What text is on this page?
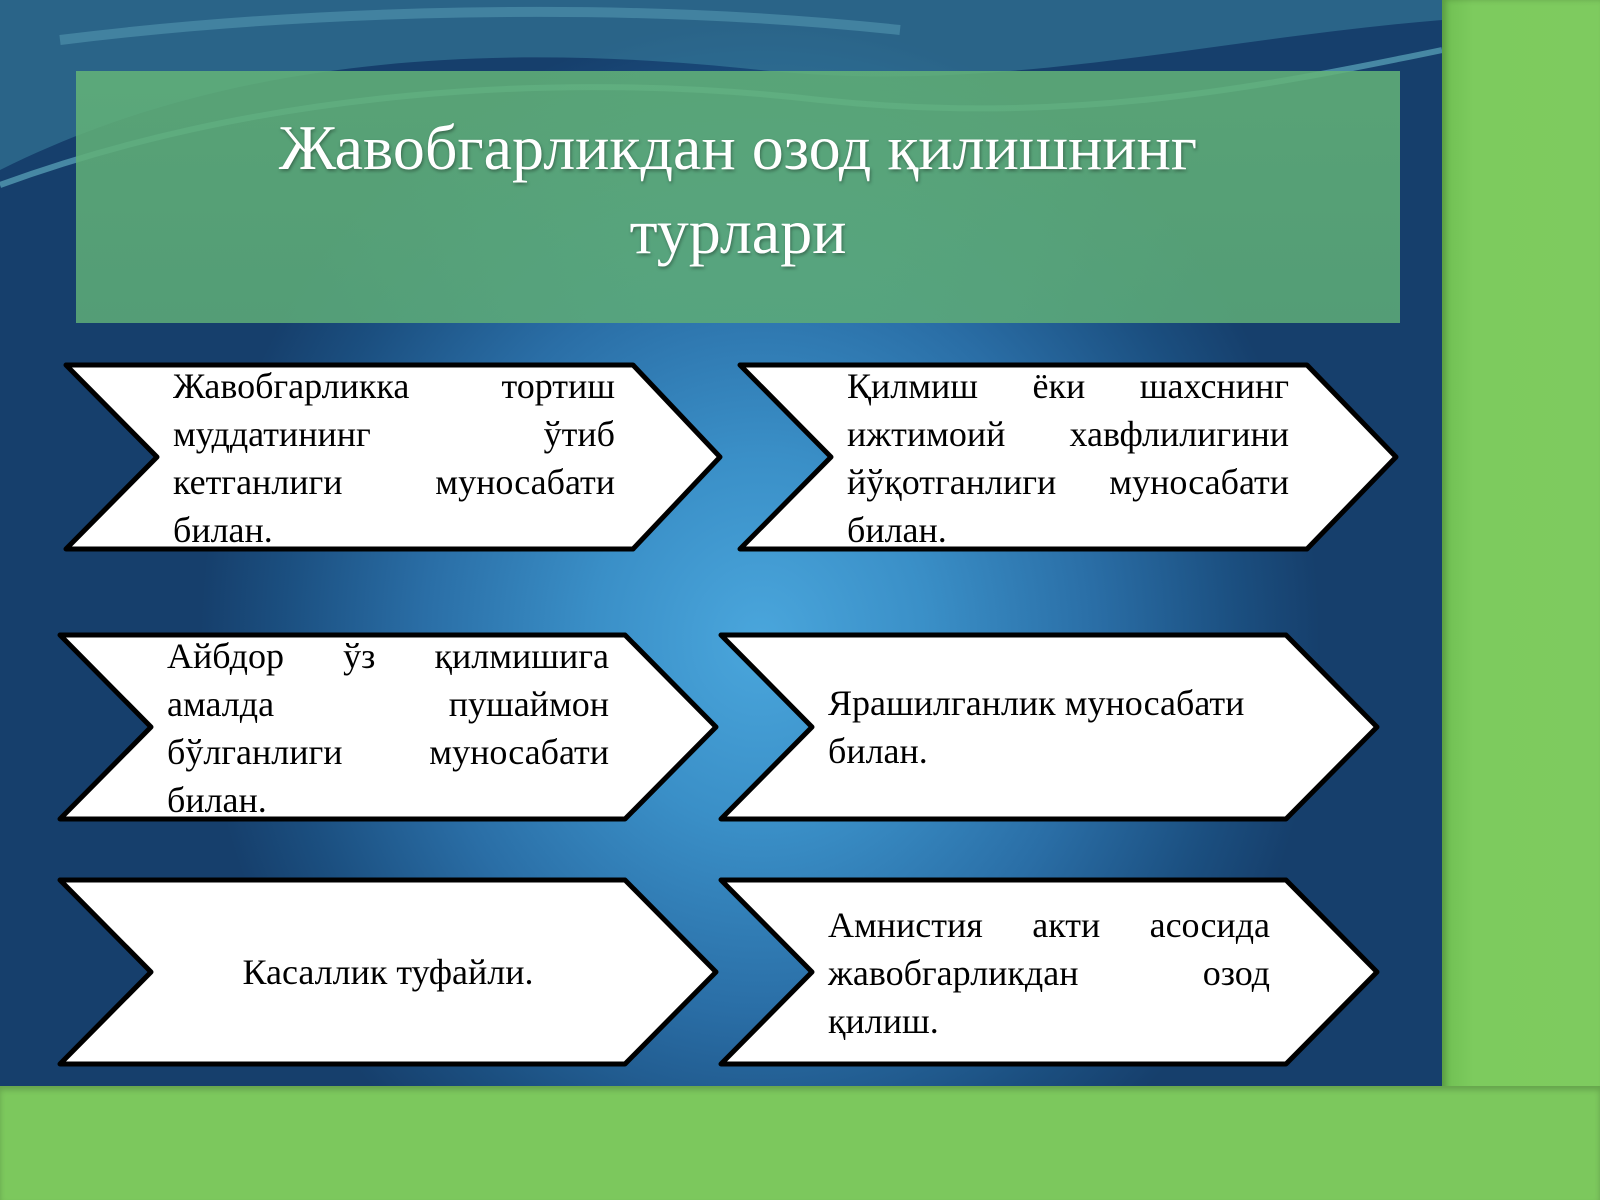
Жавобгарликдан озод қилишнинг турлари
Жавобгарликка тортиш муддатининг ўтиб кетганлиги муносабати билан.
Қилмиш ёки шахснинг ижтимоий хавфлилигини йўқотганлиги муносабати билан.
Айбдор ўз қилмишига амалда пушаймон бўлганлиги муносабати билан.
Ярашилганлик муносабати билан.
Касаллик туфайли.
Амнистия акти асосида жавобгарликдан озод қилиш.
